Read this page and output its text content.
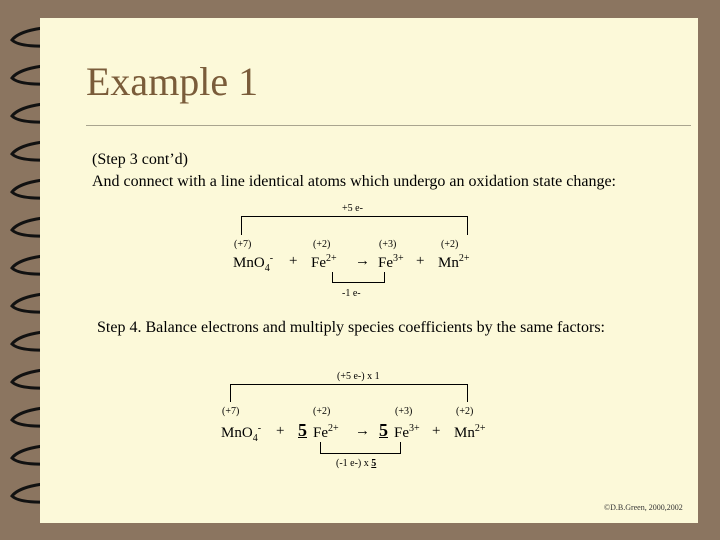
Example 1
(Step 3 cont’d)
And connect with a line identical atoms which undergo an oxidation state change:
+5 e-
(+7)	(+2)	(+3)	(+2)
$MnO_4^- + Fe^{2+} \to Fe^{3+} + Mn^{2+}$
-1 e-
Step 4. Balance electrons and multiply species coefficients by the same factors:
(+5 e-) x 1
(+7)	(+2)	(+3)	(+2)
MnO$_4$- + 5 $Fe^{2+} \to 5$ $Fe^{3+} + Mn^{2+}$
(-1 e-) x 5
©D.B.Green, 2000,2002
